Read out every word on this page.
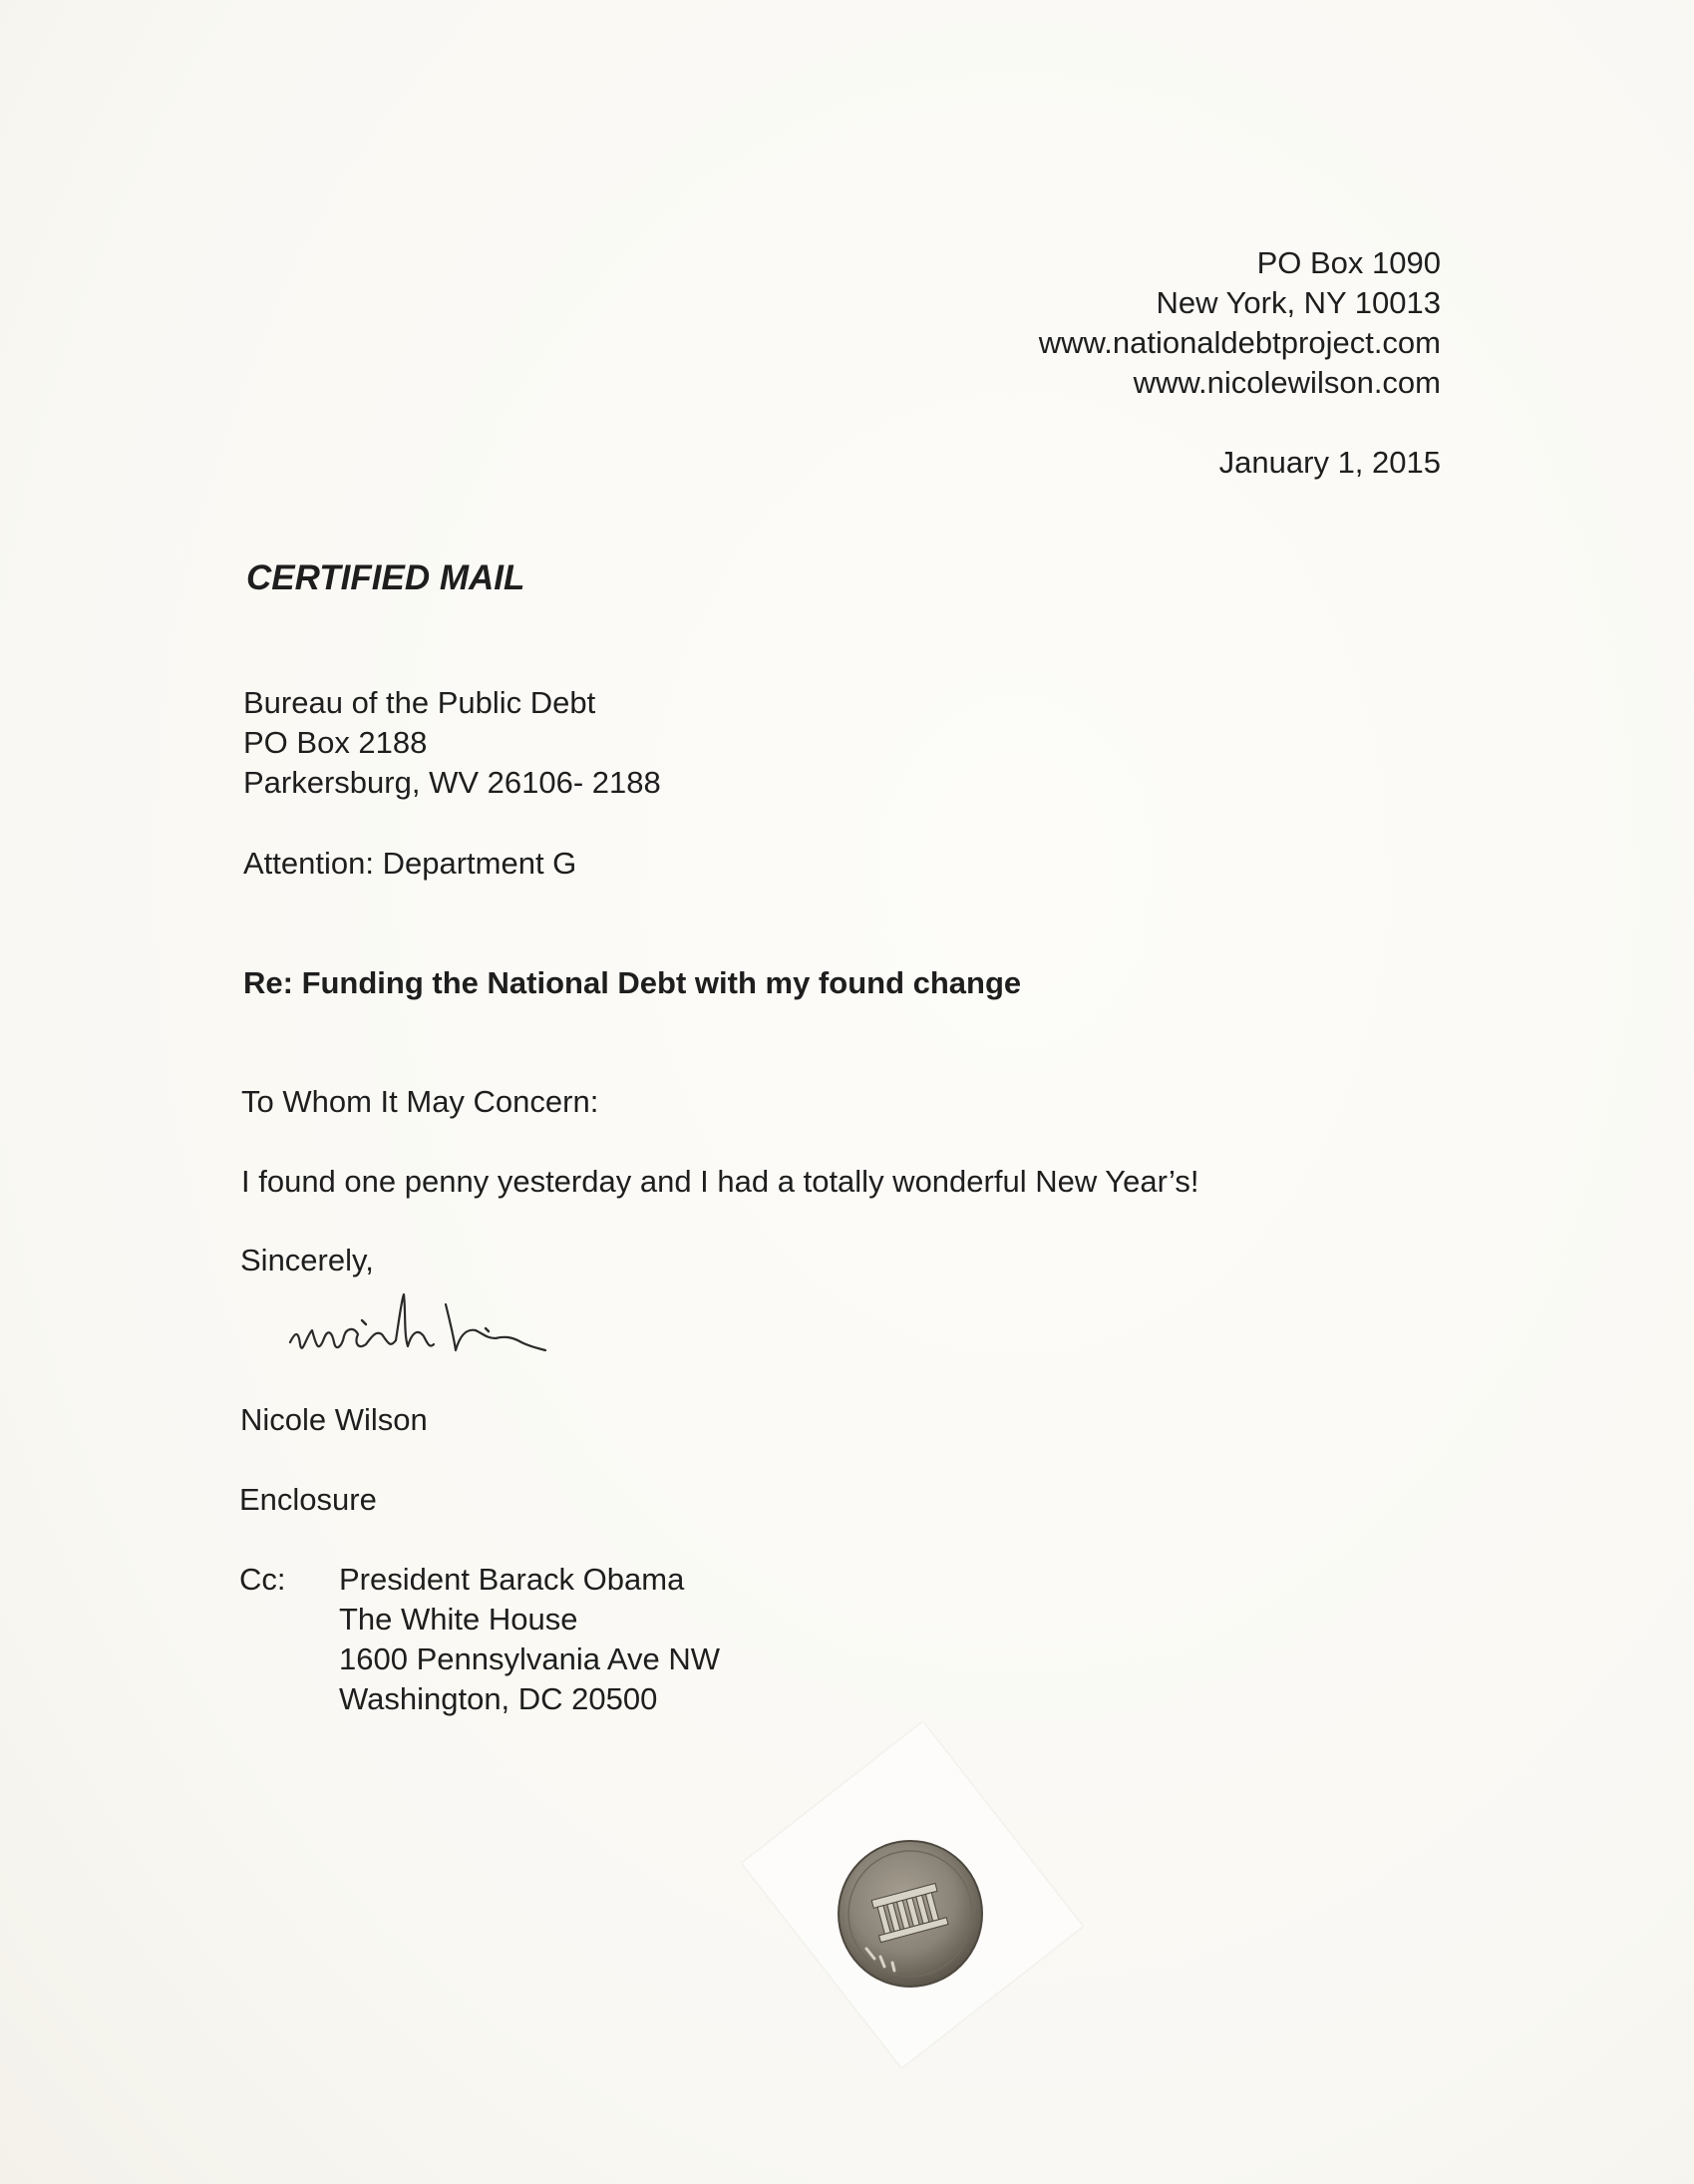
PO Box 1090
New York, NY 10013
www.nationaldebtproject.com
www.nicolewilson.com
January 1, 2015
CERTIFIED MAIL
Bureau of the Public Debt
PO Box 2188
Parkersburg, WV 26106- 2188
Attention: Department G
Re: Funding the National Debt with my found change
To Whom It May Concern:
I found one penny yesterday and I had a totally wonderful New Year’s!
Sincerely,
Nicole Wilson
Enclosure
Cc: President Barack Obama
The White House
1600 Pennsylvania Ave NW
Washington, DC 20500
